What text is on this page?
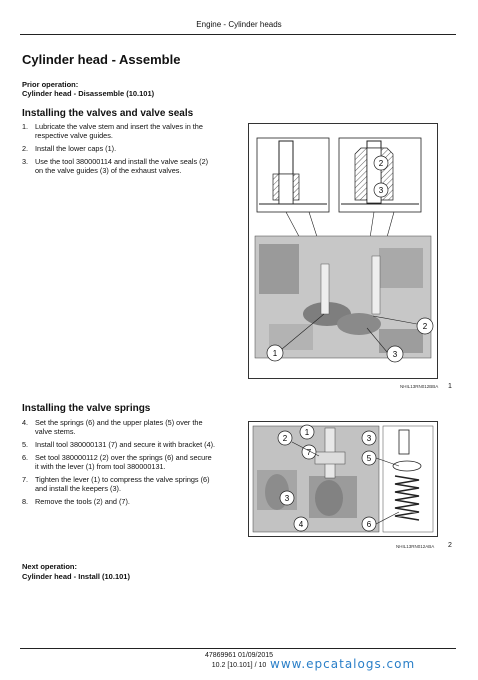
Engine - Cylinder heads
Cylinder head - Assemble
Prior operation:
Cylinder head - Disassemble (10.101)
Installing the valves and valve seals
1. Lubricate the valve stem and insert the valves in the
respective valve guides.
2. Install the lower caps (1).
3. Use the tool 380000114 and install the valve seals (2)
on the valve guides (3) of the exhaust valves.
2
3
1
2
3
NHIL13RN012BBA 1
Installing the valve springs
4. Set the springs (6) and the upper plates (5) over the
valve stems.
5. Install tool 380000131 (7) and secure it with bracket (4).
6. Set tool 380000112 (2) over the springs (6) and secure
it with the lever (1) from tool 380000131.
7. Tighten the lever (1) to compress the valve springs (6)
and install the keepers (3).
8. Remove the tools (2) and (7).
2
1
7
3
5
3
4	6
NHIL13RN012ABA 2
Next operation:
Cylinder head - Install (10.101)
47869961 01/09/2015
10.2 [10.101] / 10 www.epcatalogs.com
